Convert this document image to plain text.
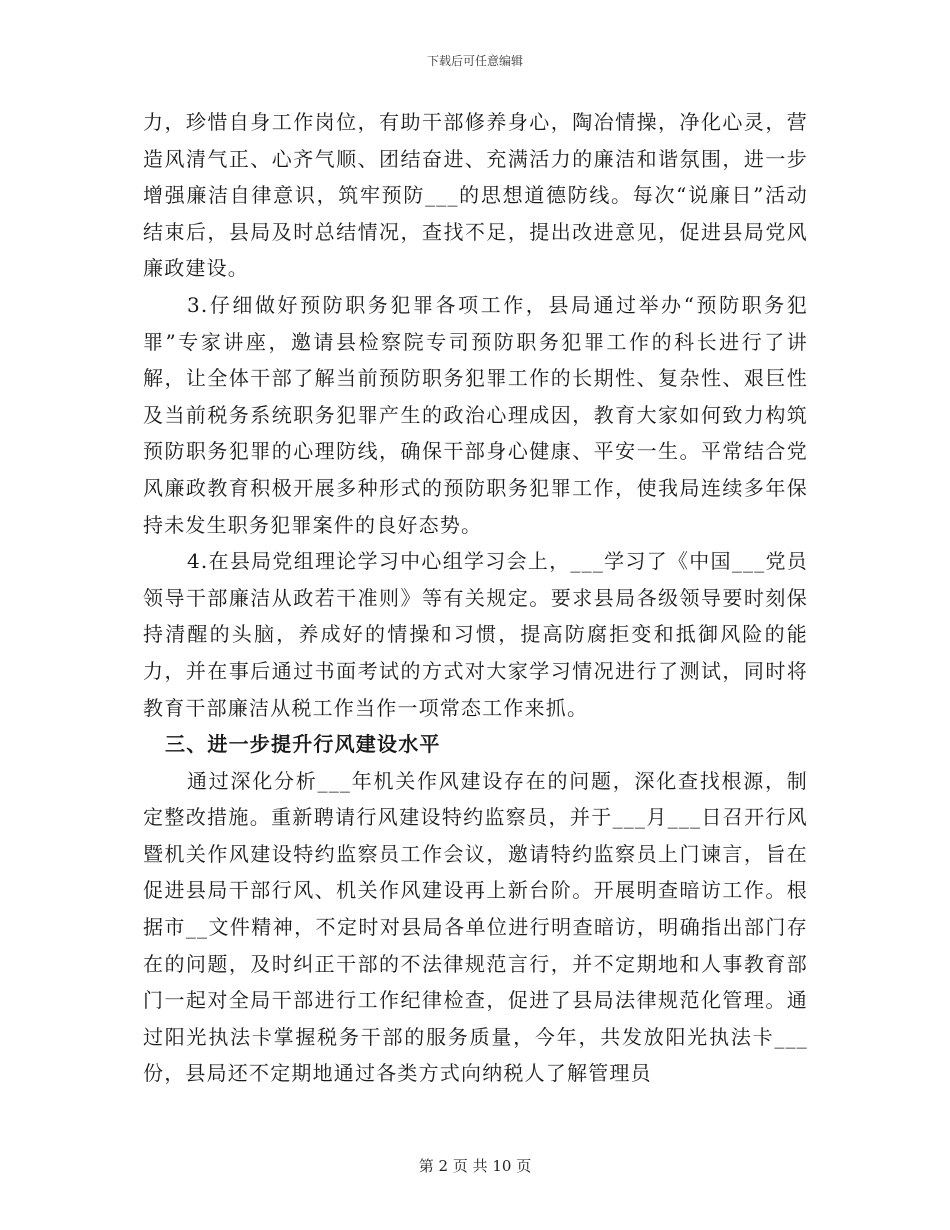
下载后可任意编辑

力，珍惜自身工作岗位，有助干部修养身心，陶冶情操，净化心灵，营造风清气正、心齐气顺、团结奋进、充满活力的廉洁和谐氛围，进一步增强廉洁自律意识，筑牢预防___的思想道德防线。每次“说廉日”活动结束后，县局及时总结情况，查找不足，提出改进意见，促进县局党风廉政建设。

3.仔细做好预防职务犯罪各项工作，县局通过举办“预防职务犯罪”专家讲座，邀请县检察院专司预防职务犯罪工作的科长进行了讲解，让全体干部了解当前预防职务犯罪工作的长期性、复杂性、艰巨性及当前税务系统职务犯罪产生的政治心理成因，教育大家如何致力构筑预防职务犯罪的心理防线，确保干部身心健康、平安一生。平常结合党风廉政教育积极开展多种形式的预防职务犯罪工作，使我局连续多年保持未发生职务犯罪案件的良好态势。

4.在县局党组理论学习中心组学习会上，___学习了《中国___党员领导干部廉洁从政若干准则》等有关规定。要求县局各级领导要时刻保持清醒的头脑，养成好的情操和习惯，提高防腐拒变和抵御风险的能力，并在事后通过书面考试的方式对大家学习情况进行了测试，同时将教育干部廉洁从税工作当作一项常态工作来抓。

三、进一步提升行风建设水平

通过深化分析___年机关作风建设存在的问题，深化查找根源，制定整改措施。重新聘请行风建设特约监察员，并于___月___日召开行风暨机关作风建设特约监察员工作会议，邀请特约监察员上门谏言，旨在促进县局干部行风、机关作风建设再上新台阶。开展明查暗访工作。根据市__文件精神，不定时对县局各单位进行明查暗访，明确指出部门存在的问题，及时纠正干部的不法律规范言行，并不定期地和人事教育部门一起对全局干部进行工作纪律检查，促进了县局法律规范化管理。通过阳光执法卡掌握税务干部的服务质量，今年，共发放阳光执法卡___份，县局还不定期地通过各类方式向纳税人了解管理员

第 2 页 共 10 页
